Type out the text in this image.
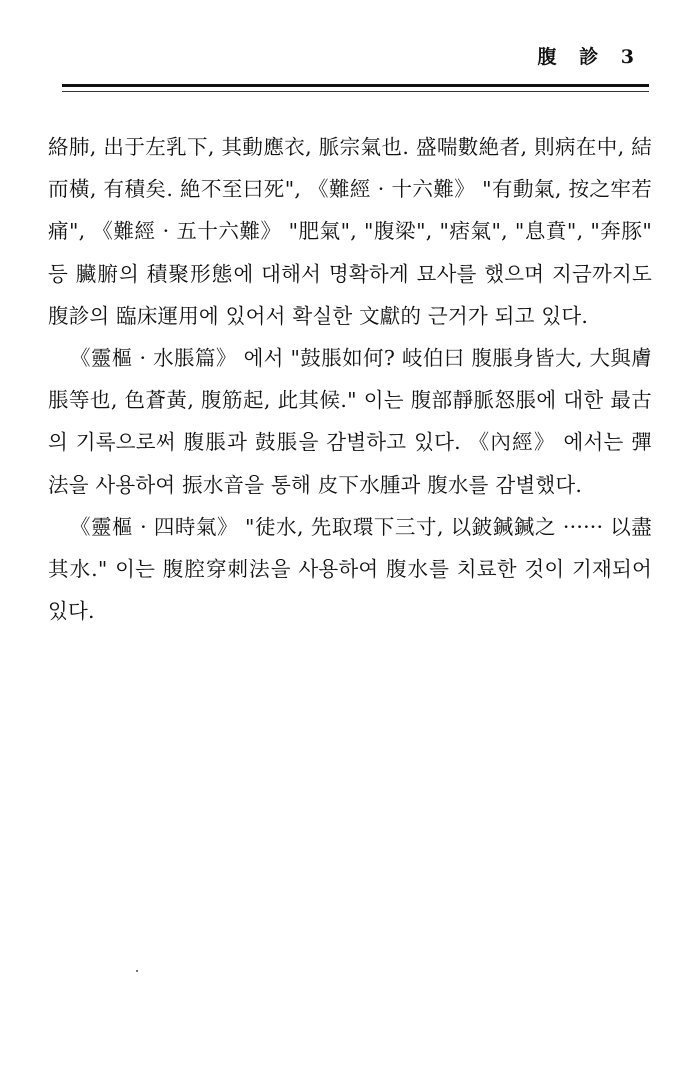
腹 診 3

絡肺, 出于左乳下, 其動應衣, 脈宗氣也. 盛喘數絶者, 則病在中, 結而橫, 有積矣. 絶不至曰死", 《難經 · 十六難》 "有動氣, 按之牢若痛", 《難經 · 五十六難》 "肥氣", "腹梁", "痞氣", "息賁", "奔豚" 등 臟腑의 積聚形態에 대해서 명확하게 묘사를 했으며 지금까지도 腹診의 臨床運用에 있어서 확실한 文獻的 근거가 되고 있다.

《靈樞 · 水脹篇》 에서 "鼓脹如何? 岐伯曰 腹脹身皆大, 大與膚脹等也, 色蒼黃, 腹筋起, 此其候." 이는 腹部靜脈怒脹에 대한 最古의 기록으로써 腹脹과 鼓脹을 감별하고 있다. 《內經》 에서는 彈法을 사용하여 振水音을 통해 皮下水腫과 腹水를 감별했다.

《靈樞 · 四時氣》 "徒水, 先取環下三寸, 以鈹鍼鍼之 ······ 以盡其水." 이는 腹腔穿刺法을 사용하여 腹水를 치료한 것이 기재되어있다.
